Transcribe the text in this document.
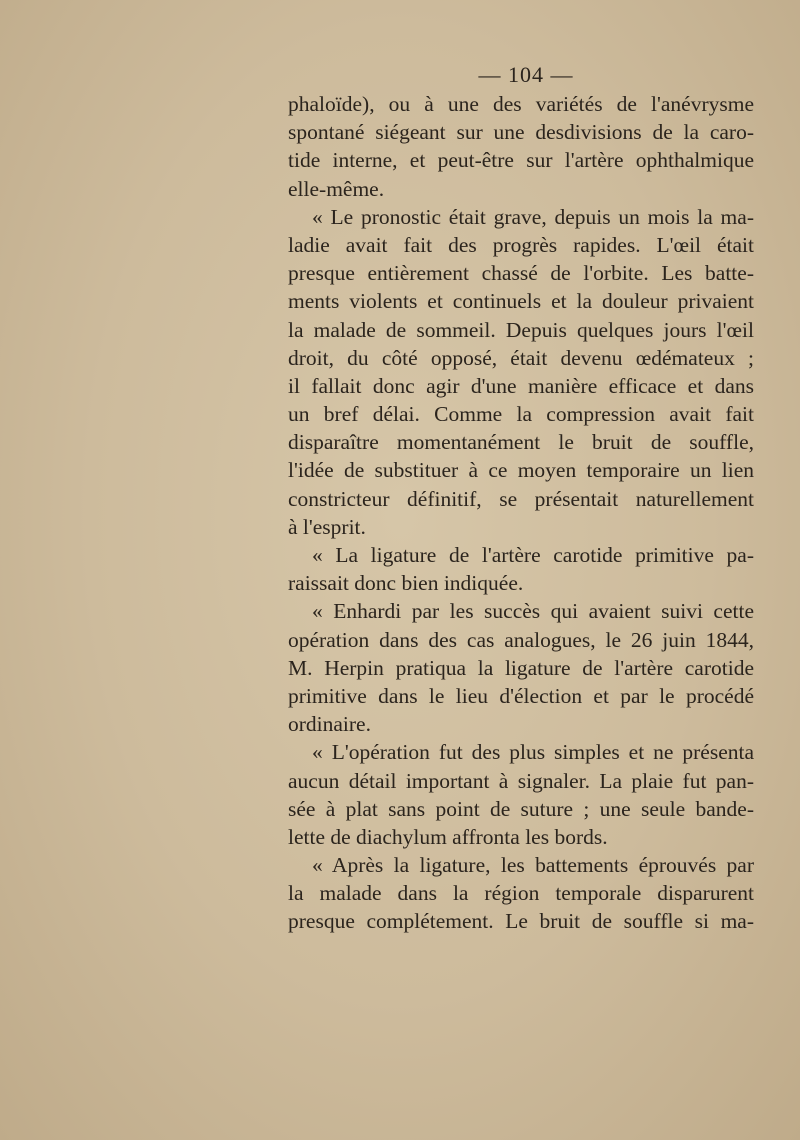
— 104 —
phaloïde), ou à une des variétés de l'anévrysme
spontané siégeant sur une desdivisions de la caro-
tide interne, et peut-être sur l'artère ophthalmique
elle-même.
« Le pronostic était grave, depuis un mois la ma-
ladie avait fait des progrès rapides. L'œil était
presque entièrement chassé de l'orbite. Les batte-
ments violents et continuels et la douleur privaient
la malade de sommeil. Depuis quelques jours l'œil
droit, du côté opposé, était devenu œdémateux ;
il fallait donc agir d'une manière efficace et dans
un bref délai. Comme la compression avait fait
disparaître momentanément le bruit de souffle,
l'idée de substituer à ce moyen temporaire un lien
constricteur définitif, se présentait naturellement
à l'esprit.
« La ligature de l'artère carotide primitive pa-
raissait donc bien indiquée.
« Enhardi par les succès qui avaient suivi cette
opération dans des cas analogues, le 26 juin 1844,
M. Herpin pratiqua la ligature de l'artère carotide
primitive dans le lieu d'élection et par le procédé
ordinaire.
« L'opération fut des plus simples et ne présenta
aucun détail important à signaler. La plaie fut pan-
sée à plat sans point de suture ; une seule bande-
lette de diachylum affronta les bords.
« Après la ligature, les battements éprouvés par
la malade dans la région temporale disparurent
presque complétement. Le bruit de souffle si ma-
